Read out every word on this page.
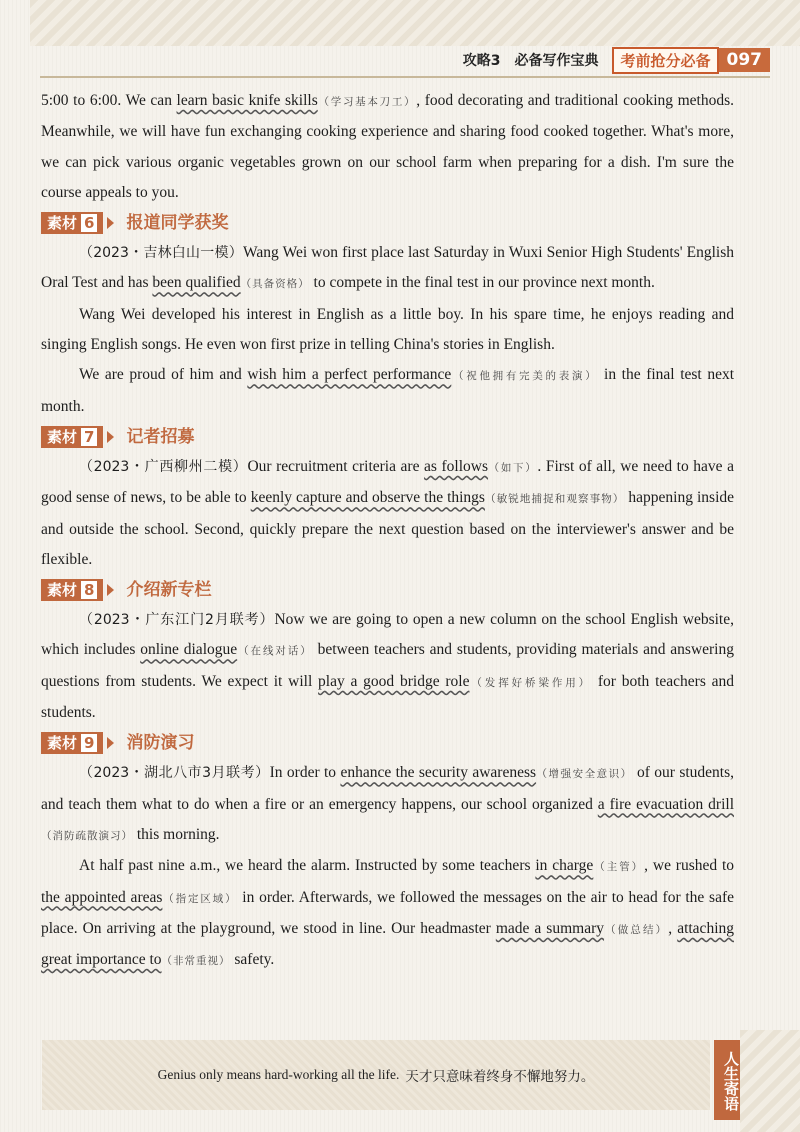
攻略3 必备写作宝典	考前抢分必备 097

5:00 to 6:00. We can learn basic knife skills（学习基本刀工）, food decorating and traditional cooking methods. Meanwhile, we will have fun exchanging cooking experience and sharing food cooked together. What's more, we can pick various organic vegetables grown on our school farm when preparing for a dish. I'm sure the course appeals to you.

素材 6 报道同学获奖

（2023・吉林白山一模）Wang Wei won first place last Saturday in Wuxi Senior High Students' English Oral Test and has been qualified（具备资格） to compete in the final test in our province next month.

Wang Wei developed his interest in English as a little boy. In his spare time, he enjoys reading and singing English songs. He even won first prize in telling China's stories in English.

We are proud of him and wish him a perfect performance（祝他拥有完美的表演） in the final test next month.

素材 7 记者招募

（2023・广西柳州二模）Our recruitment criteria are as follows（如下）. First of all, we need to have a good sense of news, to be able to keenly capture and observe the things（敏锐地捕捉和观察事物） happening inside and outside the school. Second, quickly prepare the next question based on the interviewer's answer and be flexible.

素材 8 介绍新专栏

（2023・广东江门2月联考）Now we are going to open a new column on the school English website, which includes online dialogue（在线对话） between teachers and students, providing materials and answering questions from students. We expect it will play a good bridge role（发挥好桥梁作用） for both teachers and students.

素材 9 消防演习

（2023・湖北八市3月联考）In order to enhance the security awareness（增强安全意识） of our students, and teach them what to do when a fire or an emergency happens, our school organized a fire evacuation drill（消防疏散演习） this morning.

At half past nine a.m., we heard the alarm. Instructed by some teachers in charge（主管）, we rushed to the appointed areas（指定区域） in order. Afterwards, we followed the messages on the air to head for the safe place. On arriving at the playground, we stood in line. Our headmaster made a summary（做总结）, attaching great importance to（非常重视） safety.

Genius only means hard-working all the life. 天才只意味着终身不懈地努力。	人生寄语
